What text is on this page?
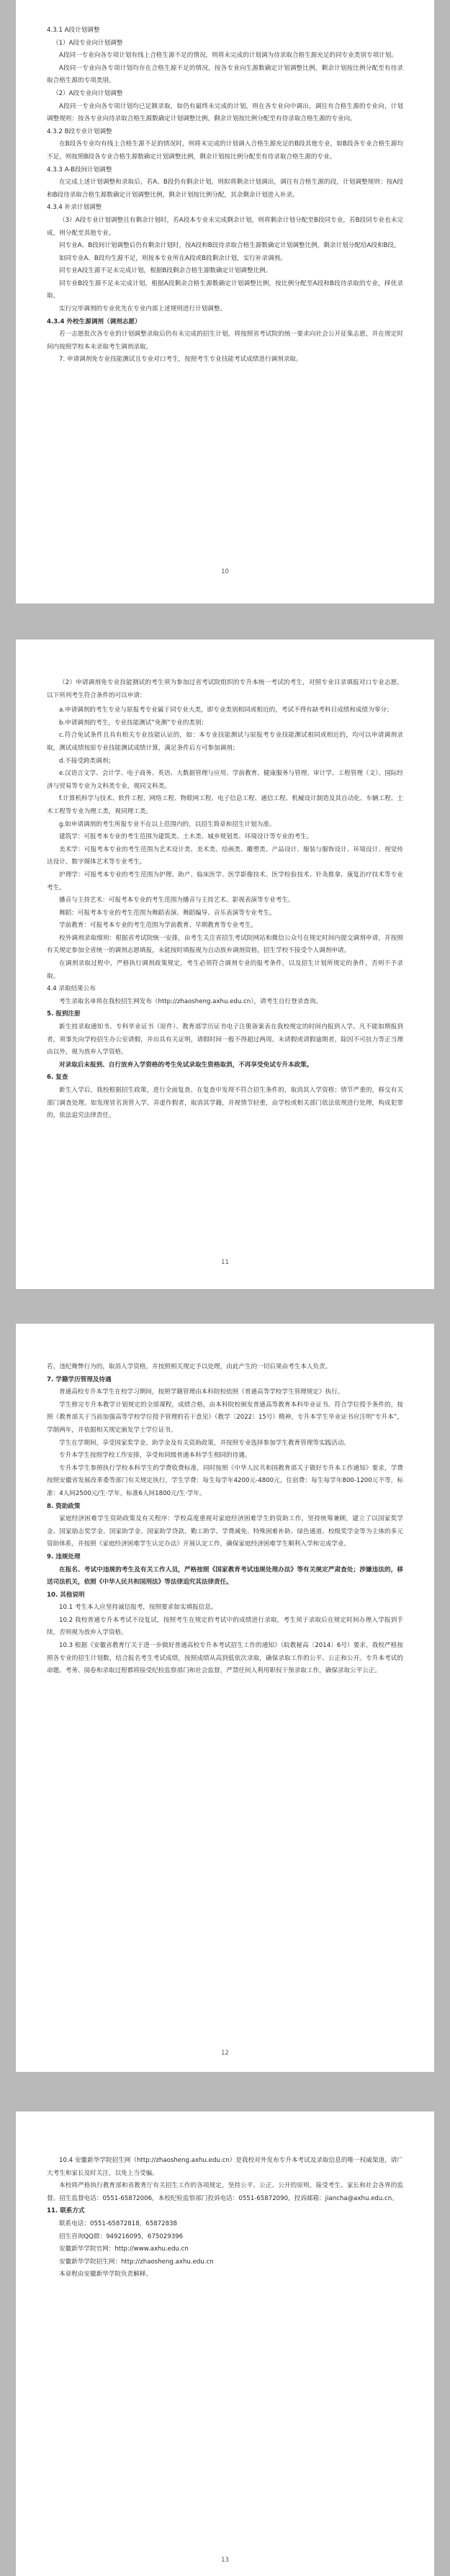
4.3.1 A段计划调整

（1）A段专业向计划调整

A段同一专业向各专项计划有线上合格生源不足的情况，则将未完成的计划调为待录取合格生源充足的同专业类别专项计划。

A段同一专业向各专项计划均存在合格生源不足的情况，按各专业向生源数确定计划调整比例，剩余计划按比例分配至有待录取合格生源的专项类别。

（2）A段专业向计划调整

A段同一专业向各专项计划均已足额录取，如仍有最终未完成的计划，则在各专业向中调出，调往有合格生源的专业向，计划调整规则：按各专业向待录取合格生源数确定计划调整比例，剩余计划按比例分配至有待录取合格生源的专业向。

4.3.2 B段专业计划调整

在B段各专业均有线上合格生源不足的情况时，则将未完成的计划调入合格生源充足的B段其他专业，如B段各专业合格生源均不足，则按照B段各专业合格生源数确定计划调整比例，剩余计划按比例分配至有待录取合格生源的专业。

4.3.3 A-B段间计划调整

在完成上述计划调整和录取后，若A、B段仍有剩余计划，则拟将剩余计划调出，调往有合格生源的段，计划调整规则：按A段和B段待录取合格生源数确定计划调整比例，剩余计划按比例分配，其余剩余计划进入补录。

4.3.4 补录计划调整

（3）A段专业计划调整且有剩余计划时，若A段本专业未完成剩余计划，则将剩余计划分配至B段同专业，若B段同专业也未完成，则分配至其他专业。

同专业A、B段间计划调整后仍有剩余计划时，按A段和B段待录取合格生源数确定计划调整比例，剩余计划分配给A段和B段。

如同专业A、B段均生源不足，则按本专业所在A段或B段剩余计划，实行补录调剂。

同专业A段生源不足未完成计划，根据B段剩余合格生源数确定计划调整比例。

同专业B段生源不足未完成计划，根据A段剩余合格生源数确定计划调整比例，按比例分配至A段和B段待录取的专业，择优录取。

实行完毕调剂的专业优先在专业内部上述规则进行计划调整。

4.3.4 外校生源调剂（调剂志愿）

若一志愿批次各专业的计划调整录取后仍有未完成的招生计划，将按照省考试院的统一要求向社会公开征集志愿，并在规定时间内按照学校本未录取考生调剂录取。

7. 申请调剂免专业技能测试且专业对口考生，按照考生专业技能考试成绩进行调剂录取。

10

（2）申请调剂免专业技能测试的考生须为参加过省考试院组织的专升本统一考试的考生，对照专业目录填报对口专业志愿，以下所列考生符合条件的可以申请：

a.申请调剂的考生专业与原报考专业属于同专业大类，即专业类别相同或相近的，考试不得有缺考科目成绩和成绩为零分；

b.申请调剂的考生，专业技能测试“免测”专业的类别；

c.符合免试条件且具有相关专业技能认证的，如：本专业技能测试与原报考专业技能测试相同或相近的，均可以申请调剂录取，测试成绩按原专业技能测试成绩计算，满足条件后方可参加调剂；

d.不接受跨类调剂；

e.汉语言文学、会计学、电子商务、英语、大数据管理与应用、学前教育、健康服务与管理、审计学、工程管理（文）、国际经济与贸易等专业为文科类专业，视同文科类。

f.计算机科学与技术、软件工程、网络工程、物联网工程、电子信息工程、通信工程、机械设计制造及其自动化、车辆工程、土木工程等专业为理工类，视同理工类。

g.如申请调剂的考生所报专业不在以上范围内的，以招生简章和招生计划为准。

建筑学：可报考本专业的考生范围为建筑类、土木类、城乡规划类、环境设计等专业的考生。

美术学：可报考本专业的考生范围为艺术设计类、美术类、绘画类、雕塑类、产品设计、服装与服饰设计、环境设计、视觉传达设计、数字媒体艺术等专业考生。

护理学：可报考本专业的考生范围为护理、助产、临床医学、医学影像技术、医学检验技术、针灸推拿、康复治疗技术等专业考生。

播音与主持艺术：可报考本专业的考生范围为播音与主持艺术、影视表演等专业考生。

舞蹈：可报考本专业的考生范围为舞蹈表演、舞蹈编导、音乐表演等专业考生。

学前教育：可报考本专业的考生范围为学前教育、早期教育等专业考生。

校外调剂录取细则：根据省考试院统一安排，由考生关注省招生考试院网站和微信公众号在规定时间内提交调剂申请，并按照有关规定参加全省统一的调剂志愿填报，未能按时填报视为自动放弃调剂资格，招生学校不接受个人调剂申请。

在调剂录取过程中，严格执行调剂政策规定，考生必须符合调剂专业的报考条件，以及招生计划所规定的条件，否则不予录取。

4.4 录取结果公布

考生录取名单将在我校招生网发布（http://zhaosheng.axhu.edu.cn），请考生自行登录查询。

5. 报到注册

新生持录取通知书、专科毕业证书（原件）、教育部学历证书电子注册备案表在我校规定的时间内报到入学。凡不能如期报到者，须事先向学校招生办公室请假，并出具有关证明，请假时间一般不得超过两周。未请假或请假逾期者，除因不可抗力等正当理由以外，视为放弃入学资格。

对录取后未报到、自行放弃入学资格的考生免试录取生资格取消，不再享受免试专升本政策。

6. 复查

新生入学后，我校根据招生政策，进行全面复查。在复查中发现不符合招生条件的，取消其入学资格；情节严重的，移交有关部门调查处理。如发现冒名顶替入学、弄虚作假者，取消其学籍，并视情节轻重，由学校或相关部门依法依规进行处理，构成犯罪的，依法追究法律责任。

11

若，违纪舞弊行为的，取消入学资格，并按照相关规定予以处理，由此产生的一切后果由考生本人负责。

7. 学籍学历管理及待遇

普通高校专升本学生在校学习期间，按照学籍管理由本科院校依照《普通高等学校学生管理规定》执行。

学生修完专升本教学计划规定的全部课程，成绩合格，由本科院校颁发普通高等教育本科毕业证书。符合学位授予条件的，按照《教育部关于当前加强高等学校学位授予管理的若干意见》（教学〔2022〕15号）精神，专升本学生毕业证书应注明“专升本”，学制两年，并依据相关规定颁发学士学位证书。

学生在学期间，享受国家奖学金、助学金及有关资助政策，并按照专业选择参加学生教育管理等实践活动。

专升本学生按照学校工作安排，享受和同级普通本科学生相同的待遇。

专升本学生参照执行学校本科学生的学费收费标准，同时按照《中华人民共和国教育部关于做好专升本工作通知》要求，学费按照安徽省发展改革委等部门有关规定执行，学生学费：每生每学年4200元-4800元，住宿费：每生每学年800-1200元不等，标准：4人间2500元/生·学年，标准6人间1800元/生·学年。

8. 资助政策

家庭经济困难学生资助政策及有关程序：学校高度重视对家庭经济困难学生的资助工作，坚持统筹兼顾，建立了以国家奖学金、国家励志奖学金、国家助学金、国家助学贷款、勤工助学、学费减免、特殊困难补助、绿色通道、校级奖学金等为主体的多元资助体系，并按照《家庭经济困难学生认定办法》开展认定工作，确保家庭经济困难学生顺利入学和完成学业。

9. 违规处理

在报名、考试中违规的考生及有关工作人员，严格按照《国家教育考试违规处理办法》等有关规定严肃查处；涉嫌违法的，移送司法机关，依照《中华人民共和国刑法》等法律追究其法律责任。

10. 其他说明

10.1 考生本人应坚持诚信报考，按照要求如实填报信息。

10.2 我校普通专升本考试不设复试，按照考生在规定的考试中的成绩进行录取，考生须于录取后在规定时间办理入学报到手续，否则视为放弃入学资格。

10.3 根据《安徽省教育厅关于进一步做好普通高校专升本考试招生工作的通知》（皖教秘高〔2014〕6号）要求，我校严格按照各专业的招生计划数，结合报名考生考试成绩，按照成绩从高到低依次录取，确保录取工作的公平、公正和公开。专升本考试的命题、考务、阅卷和录取过程都将接受纪检监察部门和社会监督，严禁任何人利用职权干预录取工作，确保录取公平公正。

12

10.4 安徽新华学院招生网（http://zhaosheng.axhu.edu.cn）是我校对外发布专升本考试及录取信息的唯一权威渠道，请广大考生和家长及时关注，以免上当受骗。

本校将严格执行教育部和省教育厅有关招生工作的各项规定，坚持公平、公正、公开的原则，接受考生、家长和社会各界的监督。招生监督电话：0551-65872006，本校纪检监察部门投诉电话：0551-65872090，投诉邮箱：jiancha@axhu.edu.cn。

11. 联系方式

联系电话：0551-65872818，65872838

招生咨询QQ群：949216095，675029396

安徽新华学院官网：http://www.axhu.edu.cn

安徽新华学院招生网：http://zhaosheng.axhu.edu.cn

本章程由安徽新华学院负责解释。

13
